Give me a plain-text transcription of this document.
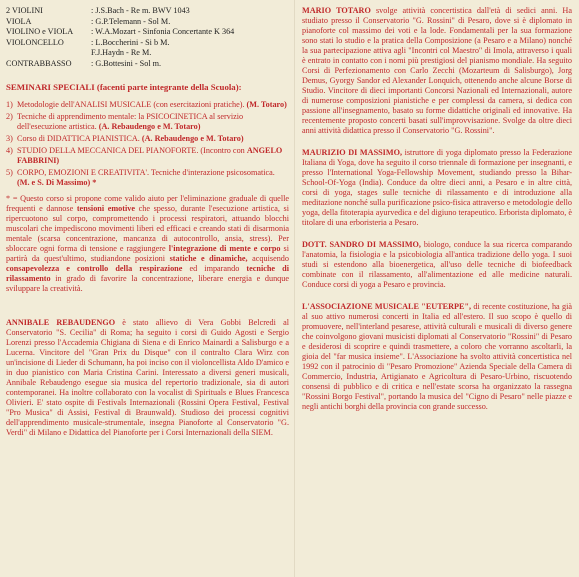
2 VIOLINI	: J.S.Bach - Re m. BWV 1043
VIOLA	: G.P.Telemann - Sol M.
VIOLINO e VIOLA	: W.A.Mozart - Sinfonia Concertante K 364
VIOLONCELLO	: L.Boccherini - Si b M.
F.J.Haydn - Re M.
CONTRABBASSO	: G.Bottesini - Sol m.
SEMINARI SPECIALI (facenti parte integrante della Scuola):
1) Metodologie dell'ANALISI MUSICALE (con esercitazioni pratiche). (M. Totaro)
2) Tecniche di apprendimento mentale: la PSICOCINETICA al servizio dell'esecuzione artistica. (A. Rebaudengo e M. Totaro)
3) Corso di DIDATTICA PIANISTICA. (A. Rebaudengo e M. Totaro)
4) STUDIO DELLA MECCANICA DEL PIANOFORTE. (Incontro con ANGELO FABBRINI)
5) CORPO, EMOZIONI E CREATIVITA'. Tecniche d'interazione psicosomatica. (M. e S. Di Massimo) *
* = Questo corso si propone come valido aiuto per l'eliminazione graduale di quelle frequenti e dannose tensioni emotive che spesso, durante l'esecuzione artistica, si ripercuotono sul corpo, compromettendo i processi respiratori, attuando blocchi muscolari che impediscono movimenti liberi ed efficaci e creando stati di disarmonia mentale (scarsa concentrazione, mancanza di autocontrollo, ansia, stress). Per sbloccare ogni forma di tensione e raggiungere l'integrazione di mente e corpo si partirà da quest'ultimo, studiandone posizioni statiche e dinamiche, acquisendo consapevolezza e controllo della respirazione ed imparando tecniche di rilassamento in grado di favorire la concentrazione, liberare energia e dunque sviluppare la creatività.
ANNIBALE REBAUDENGO è stato allievo di Vera Gobbi Belcredi al Conservatorio "S. Cecilia" di Roma; ha seguito i corsi di Guido Agosti e Sergio Lorenzi presso l'Accademia Chigiana di Siena e di Enrico Mainardi a Salisburgo e a Lucerna. Vincitore del "Gran Prix du Disque" con il contralto Clara Wirz con un'incisione di Lieder di Schumann, ha poi inciso con il violoncellista Aldo D'amico e in duo pianistico con Maria Cristina Carini. Interessato a diversi generi musicali, Annibale Rebaudengo esegue sia musica del repertorio tradizionale, sia di autori contemporanei. Ha inoltre collaborato con la vocalist di Spirituals e Blues Francesca Olivieri. E' stato ospite di Festivals Internazionali (Rossini Opera Festival, Festival "Pro Musica" di Assisi, Festival di Braunwald). Studioso dei processi cognitivi dell'apprendimento musicale-strumentale, insegna Pianoforte al Conservatorio "G. Verdi" di Milano e Didattica del Pianoforte per i Corsi Internazionali della SIEM.
MARIO TOTARO svolge attività concertistica dall'età di sedici anni. Ha studiato presso il Conservatorio "G. Rossini" di Pesaro, dove si è diplomato in pianoforte col massimo dei voti e la lode. Fondamentali per la sua formazione sono stati lo studio e la pratica della Composizione (a Pesaro e a Milano) nonché la sua partecipazione attiva agli "Incontri col Maestro" di Imola, attraverso i quali è entrato in contatto con i nomi più prestigiosi del pianismo mondiale. Ha seguito Corsi di Perfezionamento con Carlo Zecchi (Mozarteum di Salisburgo), Jorg Demus, Gyorgy Sandor ed Alexander Lonquich, ottenendo anche alcune Borse di Studio. Vincitore di dieci importanti Concorsi Nazionali ed Internazionali, autore di numerose composizioni pianistiche e per complessi da camera, si dedica con passione all'insegnamento, basato su forme didattiche originali ed innovative. Ha recentemente proposto concerti basati sull'improvvisazione. Svolge da oltre dieci anni attività didattica presso il Conservatorio "G. Rossini".
MAURIZIO DI MASSIMO, istruttore di yoga diplomato presso la Federazione Italiana di Yoga, dove ha seguito il corso triennale di formazione per insegnanti, e presso l'International Yoga-Fellowship Movement, studiando presso la Bihar-School-Of-Yoga (India). Conduce da oltre dieci anni, a Pesaro e in altre città, corsi di yoga, stages sulle tecniche di rilassamento e di introduzione alla meditazione nonché sulla purificazione psico-fisica attraverso e metodologie dello yoga, della fitoterapia ayurvedica e del digiuno terapeutico. Erborista diplomato, è titolare di una erboristeria a Pesaro.
DOTT. SANDRO DI MASSIMO, biologo, conduce la sua ricerca comparando l'anatomia, la fisiologia e la psicobiologia all'antica tradizione dello yoga. I suoi studi si estendono alla bioenergetica, all'uso delle tecniche di biofeedback combinate con il rilassamento, all'alimentazione ed alle medicine naturali. Conduce corsi di yoga a Pesaro e provincia.
L'ASSOCIAZIONE MUSICALE "EUTERPE", di recente costituzione, ha già al suo attivo numerosi concerti in Italia ed all'estero. Il suo scopo è quello di promuovere, nell'interland pesarese, attività culturali e musicali di diverso genere che coinvolgono giovani musicisti diplomati al Conservatorio "Rossini" di Pesaro e desiderosi di scoprire e quindi trasmettere, a coloro che vorranno ascoltarli, la gioia del "far musica insieme". L'Associazione ha svolto attività concertistica nel 1992 con il patrocinio di "Pesaro Promozione" Azienda Speciale della Camera di Commercio, Industria, Artigianato e Agricoltura di Pesaro-Urbino, riscuotendo consensi di pubblico e di critica e nell'estate scorsa ha organizzato la rassegna "Rossini Borgo Festival", portando la musica del "Cigno di Pesaro" nelle piazze e negli antichi borghi della provincia con grande successo.
